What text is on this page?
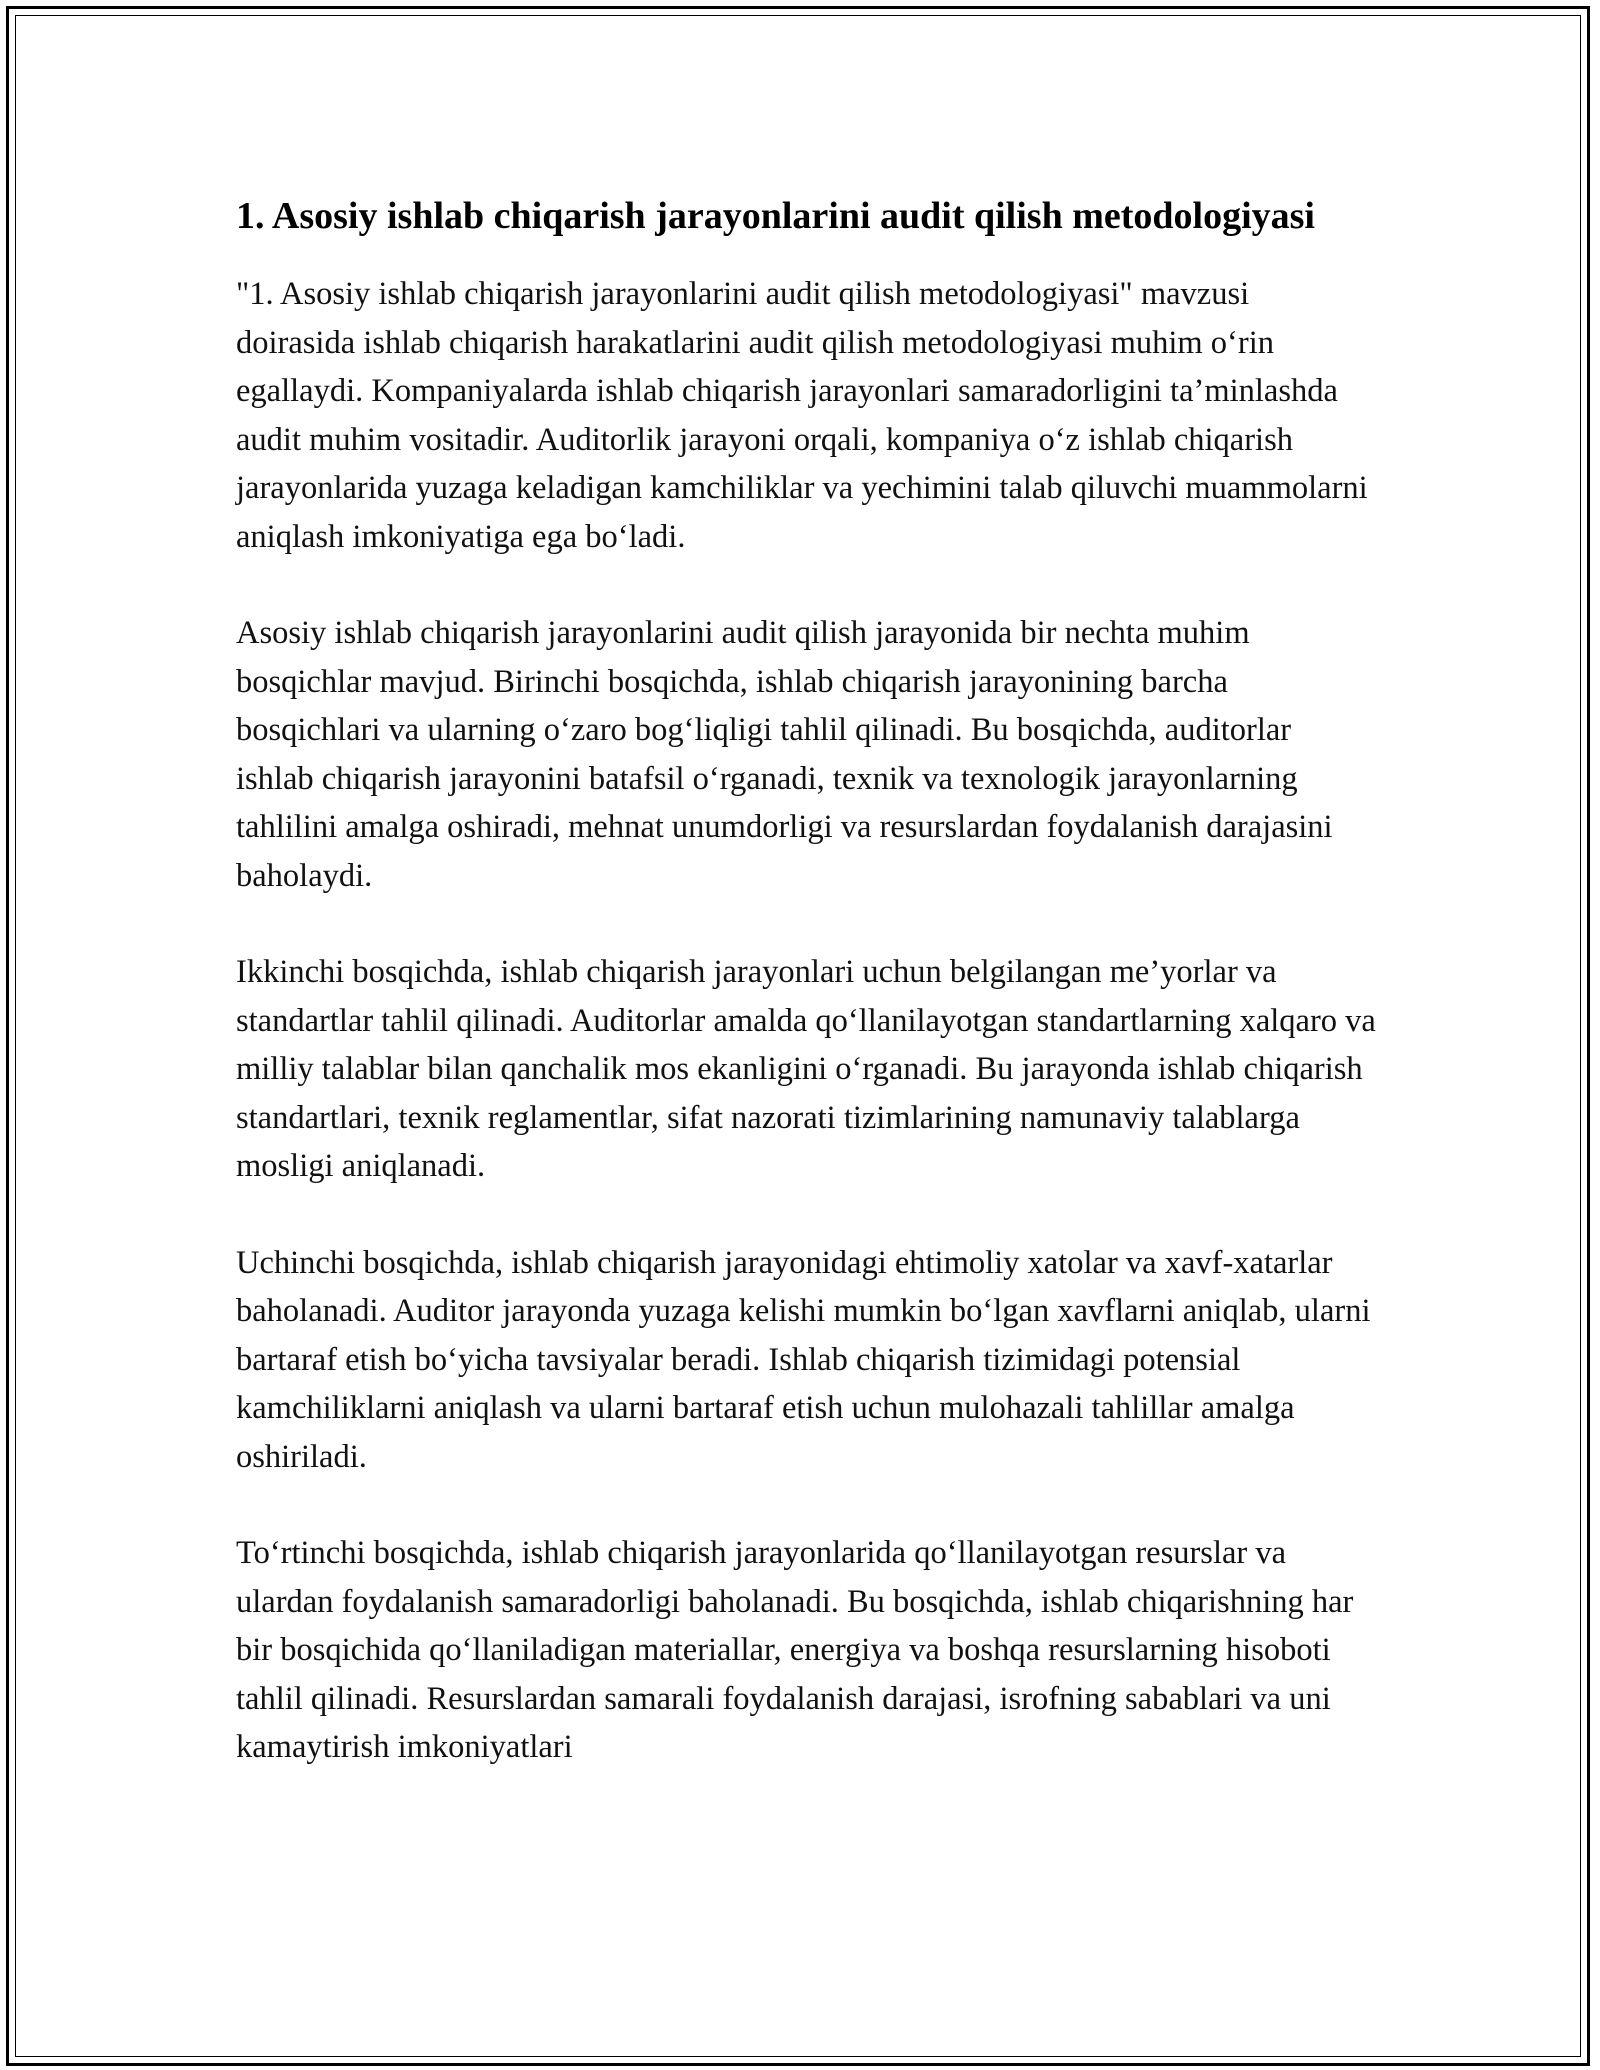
1. Asosiy ishlab chiqarish jarayonlarini audit qilish metodologiyasi

"1. Asosiy ishlab chiqarish jarayonlarini audit qilish metodologiyasi" mavzusi doirasida ishlab chiqarish harakatlarini audit qilish metodologiyasi muhim o‘rin egallaydi. Kompaniyalarda ishlab chiqarish jarayonlari samaradorligini ta’minlashda audit muhim vositadir. Auditorlik jarayoni orqali, kompaniya o‘z ishlab chiqarish jarayonlarida yuzaga keladigan kamchiliklar va yechimini talab qiluvchi muammolarni aniqlash imkoniyatiga ega bo‘ladi.

Asosiy ishlab chiqarish jarayonlarini audit qilish jarayonida bir nechta muhim bosqichlar mavjud. Birinchi bosqichda, ishlab chiqarish jarayonining barcha bosqichlari va ularning o‘zaro bog‘liqligi tahlil qilinadi. Bu bosqichda, auditorlar ishlab chiqarish jarayonini batafsil o‘rganadi, texnik va texnologik jarayonlarning tahlilini amalga oshiradi, mehnat unumdorligi va resurslardan foydalanish darajasini baholaydi.

Ikkinchi bosqichda, ishlab chiqarish jarayonlari uchun belgilangan me’yorlar va standartlar tahlil qilinadi. Auditorlar amalda qo‘llanilayotgan standartlarning xalqaro va milliy talablar bilan qanchalik mos ekanligini o‘rganadi. Bu jarayonda ishlab chiqarish standartlari, texnik reglamentlar, sifat nazorati tizimlarining namunaviy talablarga mosligi aniqlanadi.

Uchinchi bosqichda, ishlab chiqarish jarayonidagi ehtimoliy xatolar va xavf-xatarlar baholanadi. Auditor jarayonda yuzaga kelishi mumkin bo‘lgan xavflarni aniqlab, ularni bartaraf etish bo‘yicha tavsiyalar beradi. Ishlab chiqarish tizimidagi potensial kamchiliklarni aniqlash va ularni bartaraf etish uchun mulohazali tahlillar amalga oshiriladi.

To‘rtinchi bosqichda, ishlab chiqarish jarayonlarida qo‘llanilayotgan resurslar va ulardan foydalanish samaradorligi baholanadi. Bu bosqichda, ishlab chiqarishning har bir bosqichida qo‘llaniladigan materiallar, energiya va boshqa resurslarning hisoboti tahlil qilinadi. Resurslardan samarali foydalanish darajasi, isrofning sabablari va uni kamaytirish imkoniyatlari
